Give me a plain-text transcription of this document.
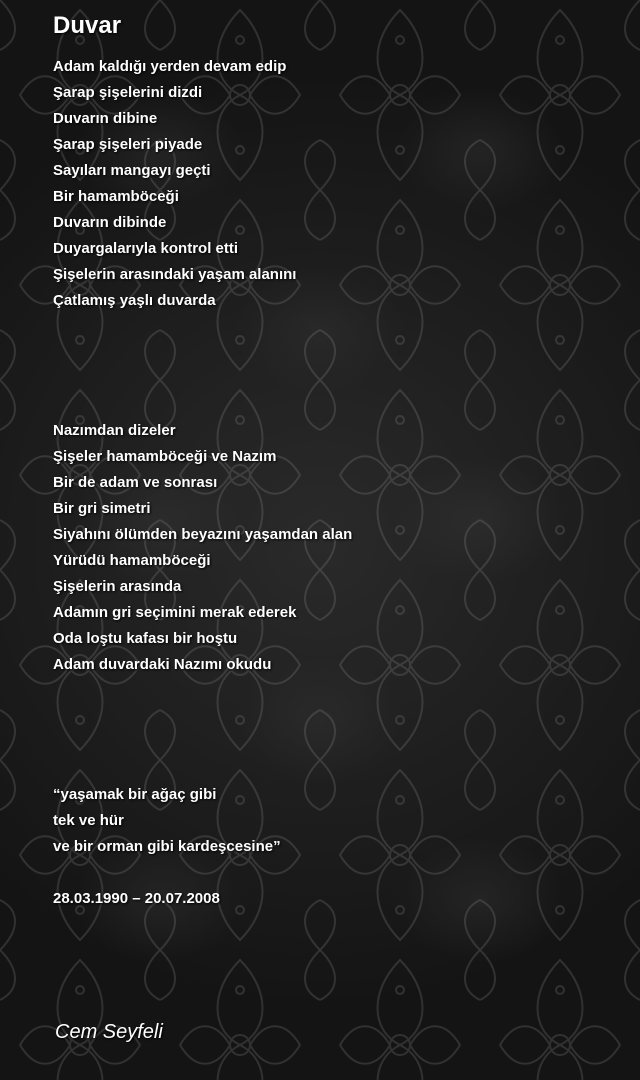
Duvar
Adam kaldığı yerden devam edip
Şarap şişelerini dizdi
Duvarın dibine
Şarap şişeleri piyade
Sayıları mangayı geçti
Bir hamamböceği
Duvarın dibinde
Duyargalarıyla kontrol etti
Şişelerin arasındaki yaşam alanını
Çatlamış yaşlı duvarda
Nazımdan dizeler
Şişeler hamamböceği ve Nazım
Bir de adam ve sonrası
Bir gri simetri
Siyahını ölümden beyazını yaşamdan alan
Yürüdü hamamböceği
Şişelerin arasında
Adamın gri seçimini merak ederek
Oda loştu kafası bir hoştu
Adam duvardaki Nazımı okudu
“yaşamak bir ağaç gibi
tek ve hür
ve bir orman gibi kardeşcesine”
28.03.1990 – 20.07.2008
Cem Seyfeli
